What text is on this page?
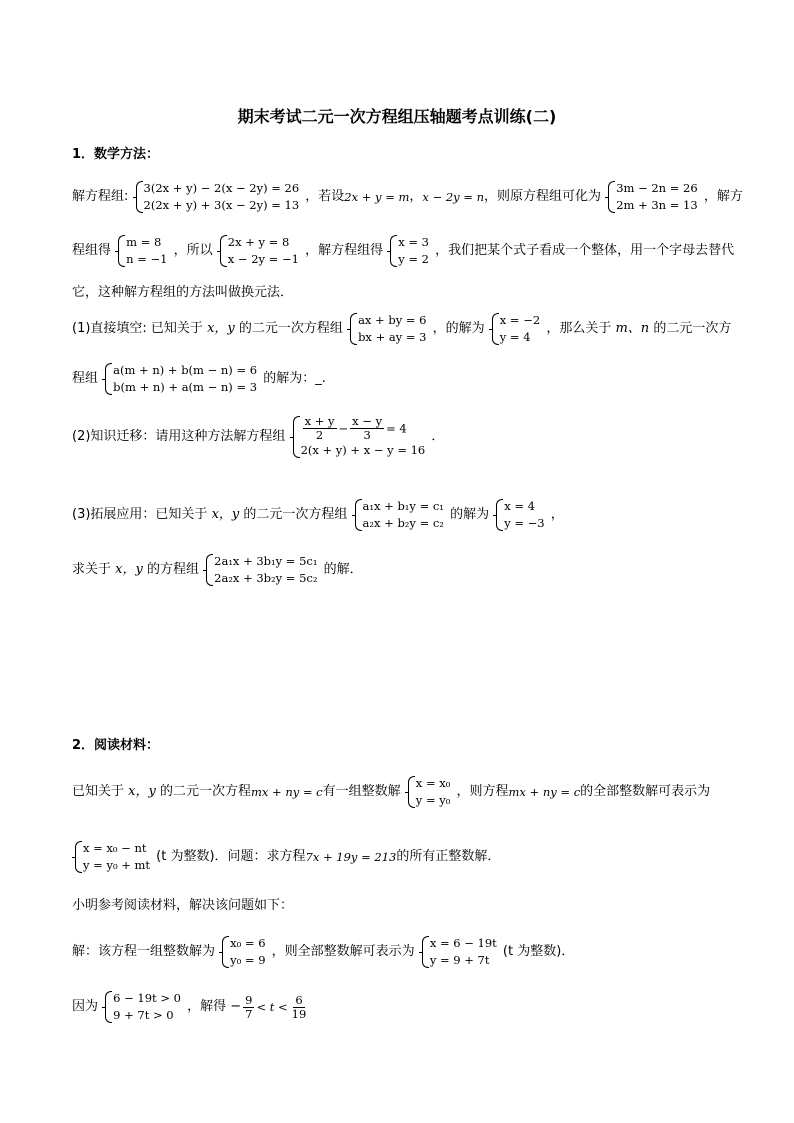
期末考试二元一次方程组压轴题考点训练(二)
1．数学方法：
解方程组:
3(2x + y) − 2(x − 2y) = 26
2(2x + y) + 3(x − 2y) = 13
，若设2x + y = m，x − 2y = n，则原方程组可化为
3m − 2n = 26
2m + 3n = 13
，解方
程组得
m = 8
n = −1
，所以
2x + y = 8
x − 2y = −1
，解方程组得
x = 3
y = 2
，我们把某个式子看成一个整体，用一个字母去替代
它，这种解方程组的方法叫做换元法．
(1)直接填空: 已知关于 x，y 的二元一次方程组
ax + by = 6
bx + ay = 3
，的解为
x = −2
y = 4
，那么关于 m、n 的二元一次方
程组
a(m + n) + b(m − n) = 6
b(m + n) + a(m − n) = 3
的解为：_.
(2)知识迁移：请用这种方法解方程组 $\frac{x + y}{2} - \frac{x - y}{3} = 4$
2(x + y) + x − y = 16
．
(3)拓展应用：已知关于 x，y 的二元一次方程组
a₁x + b₁y = c₁
a₂x + b₂y = c₂
的解为
x = 4
y = −3
，
求关于 x，y 的方程组
2a₁x + 3b₁y = 5c₁
2a₂x + 3b₂y = 5c₂
的解．
2．阅读材料：
已知关于 x，y 的二元一次方程mx + ny = c有一组整数解
x = x₀
y = y₀
，则方程mx + ny = c的全部整数解可表示为
x = x₀ − nt
y = y₀ + mt
(t 为整数)．问题：求方程7x + 19y = 213的所有正整数解．
小明参考阅读材料，解决该问题如下：
解：该方程一组整数解为
x₀ = 6
y₀ = 9
，则全部整数解可表示为
x = 6 − 19t
y = 9 + 7t
(t 为整数)．
因为
6 − 19t > 0
9 + 7t > 0
，解得 − $\frac{9}{7} < t < \frac{6}{19}$
